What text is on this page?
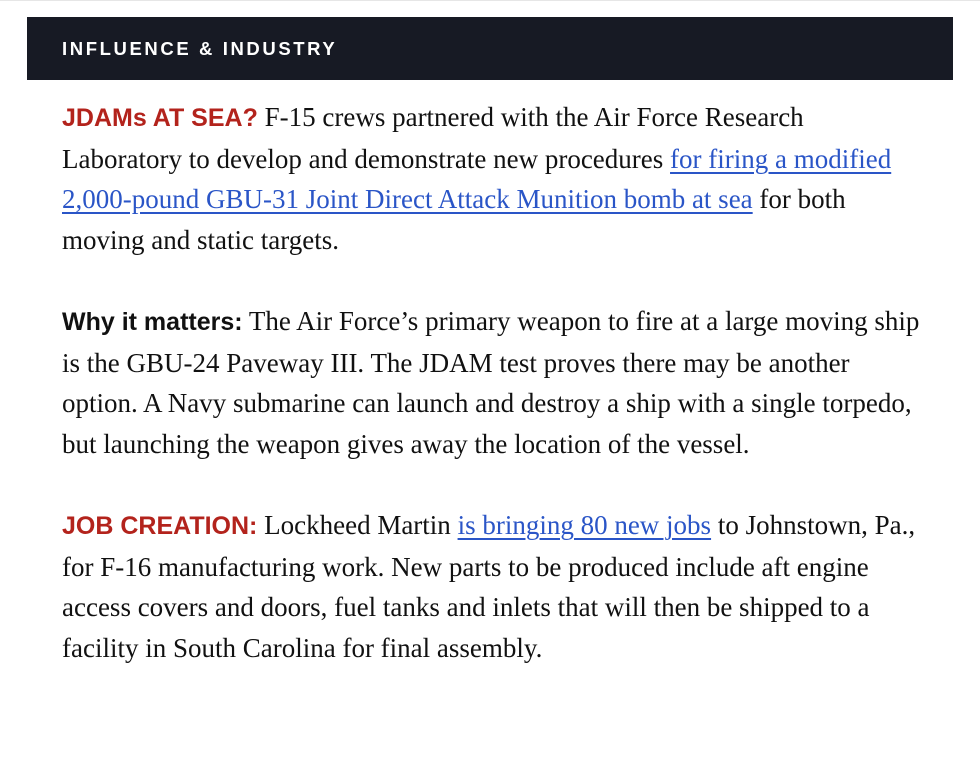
INFLUENCE & INDUSTRY

JDAMs AT SEA? F-15 crews partnered with the Air Force Research Laboratory to develop and demonstrate new procedures for firing a modified 2,000-pound GBU-31 Joint Direct Attack Munition bomb at sea for both moving and static targets.

Why it matters: The Air Force’s primary weapon to fire at a large moving ship is the GBU-24 Paveway III. The JDAM test proves there may be another option. A Navy submarine can launch and destroy a ship with a single torpedo, but launching the weapon gives away the location of the vessel.

JOB CREATION: Lockheed Martin is bringing 80 new jobs to Johnstown, Pa., for F-16 manufacturing work. New parts to be produced include aft engine access covers and doors, fuel tanks and inlets that will then be shipped to a facility in South Carolina for final assembly.
